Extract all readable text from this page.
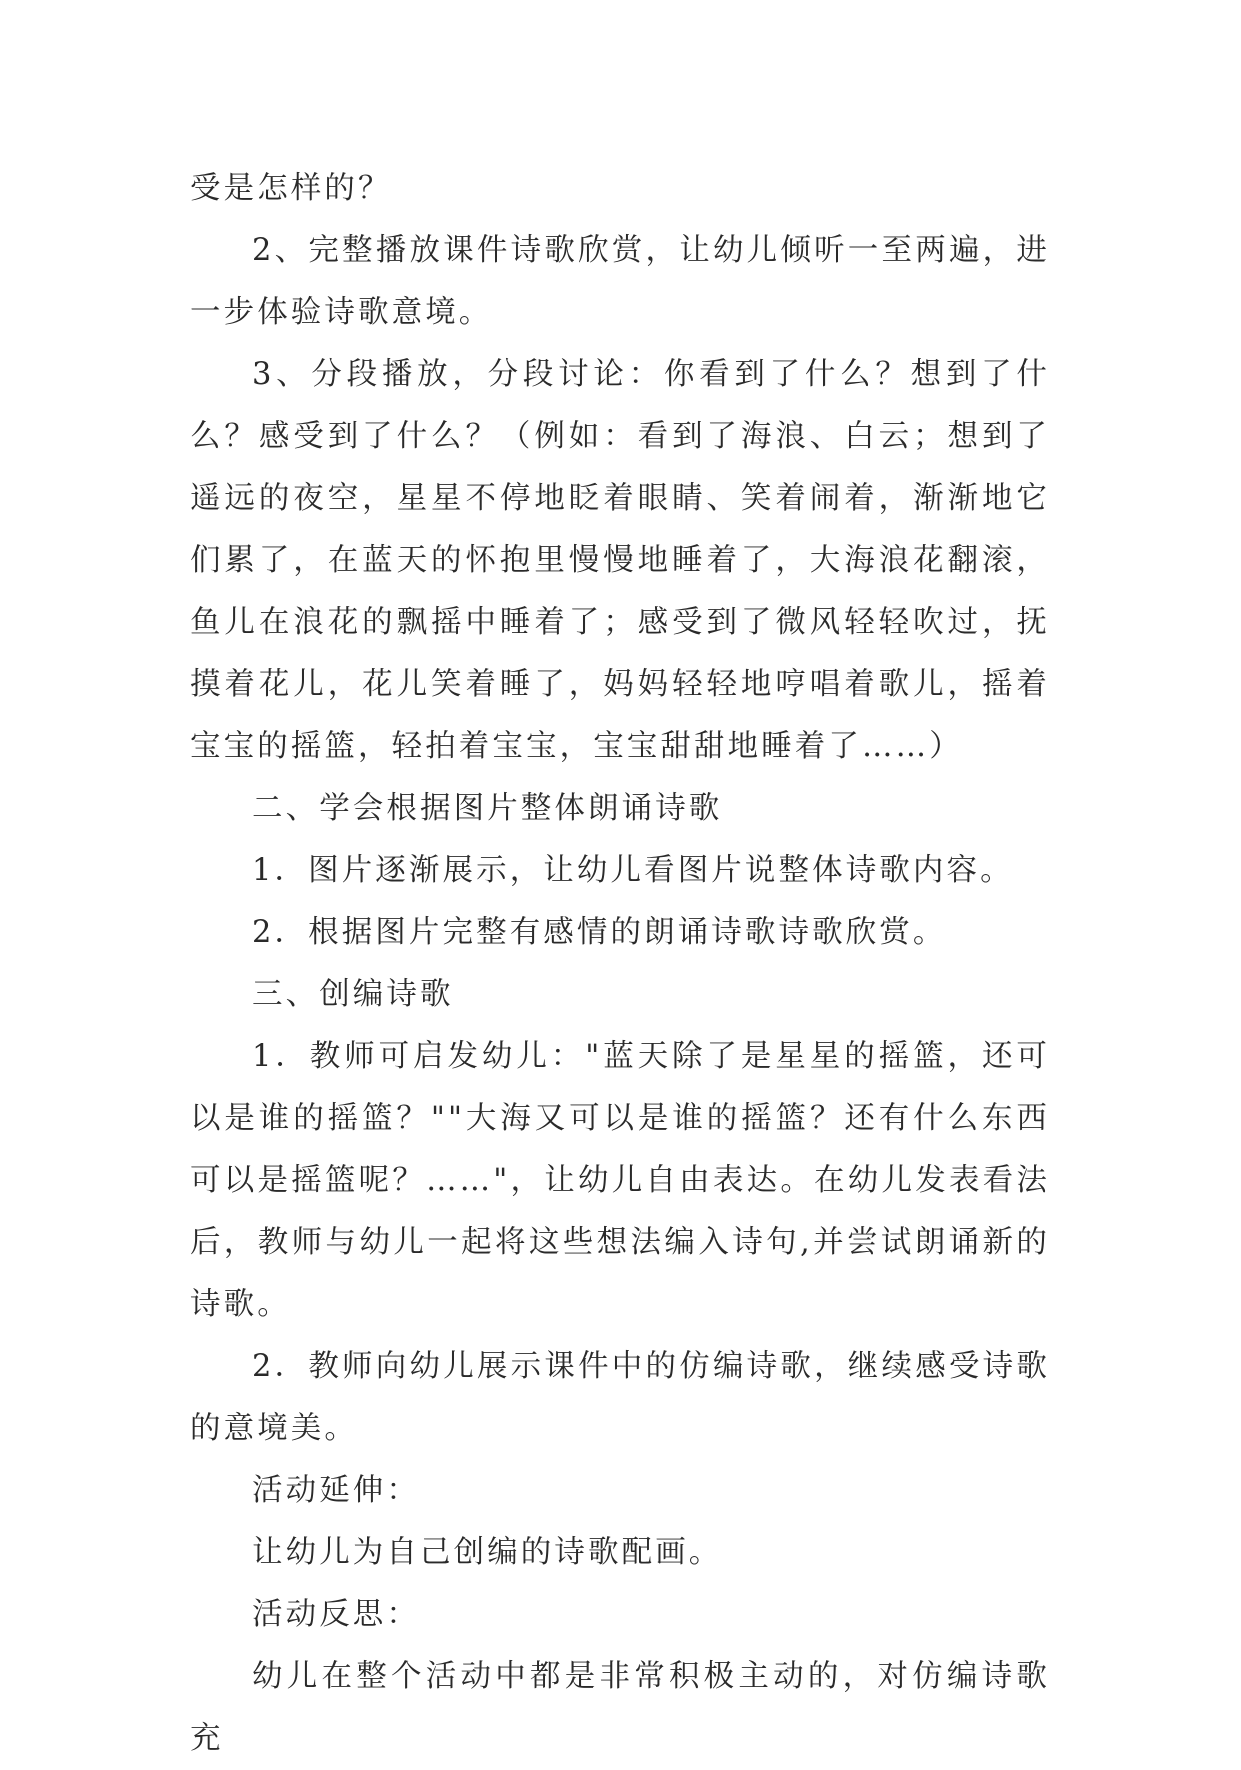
受是怎样的？

2、完整播放课件诗歌欣赏，让幼儿倾听一至两遍，进一步体验诗歌意境。

3、分段播放，分段讨论：你看到了什么？想到了什么？感受到了什么？（例如：看到了海浪、白云；想到了遥远的夜空，星星不停地眨着眼睛、笑着闹着，渐渐地它们累了，在蓝天的怀抱里慢慢地睡着了，大海浪花翻滚，鱼儿在浪花的飘摇中睡着了；感受到了微风轻轻吹过，抚摸着花儿，花儿笑着睡了，妈妈轻轻地哼唱着歌儿，摇着宝宝的摇篮，轻拍着宝宝，宝宝甜甜地睡着了……）

二、学会根据图片整体朗诵诗歌

1．图片逐渐展示，让幼儿看图片说整体诗歌内容。

2．根据图片完整有感情的朗诵诗歌诗歌欣赏。

三、创编诗歌

1．教师可启发幼儿："蓝天除了是星星的摇篮，还可以是谁的摇篮？""大海又可以是谁的摇篮？还有什么东西可以是摇篮呢？……"，让幼儿自由表达。在幼儿发表看法后，教师与幼儿一起将这些想法编入诗句,并尝试朗诵新的诗歌。

2．教师向幼儿展示课件中的仿编诗歌，继续感受诗歌的意境美。

活动延伸：

让幼儿为自己创编的诗歌配画。

活动反思：

幼儿在整个活动中都是非常积极主动的，对仿编诗歌充
